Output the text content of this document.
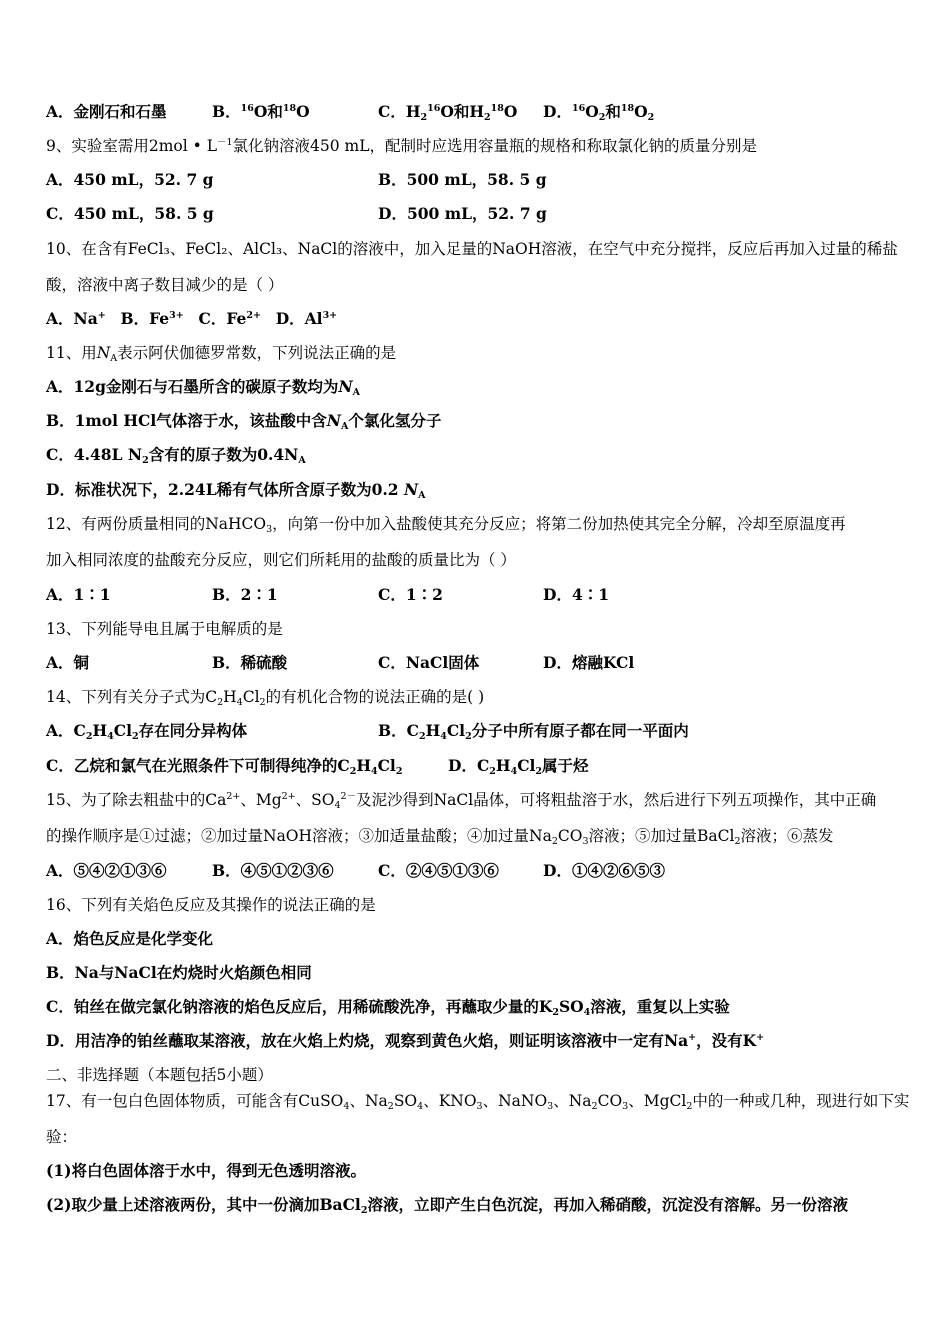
A．金刚石和石墨	B．$^{16}$O和$^{18}$O	C．$H_2^{16}O$和$H_2^{18}O$ D．$^{16}O_2$和$^{18}O_2$
9、实验室需用2mol • $L^{-1}$氯化钠溶液450 mL，配制时应选用容量瓶的规格和称取氯化钠的质量分别是
A．450 mL，52. 7 g	B．500 mL，58. 5 g
C．450 mL，58. 5 g	D．500 mL，52. 7 g
10、在含有FeCl₃、FeCl₂、AlCl₃、NaCl的溶液中，加入足量的NaOH溶液，在空气中充分搅拌，反应后再加入过量的稀盐
酸，溶液中离子数目减少的是（ ）
A．Na+ B．$Fe^{3+}$ C．$Fe^{2+}$ D．$Al^{3+}$
11、用$N_A$表示阿伏伽德罗常数，下列说法正确的是
A．12g金刚石与石墨所含的碳原子数均为$N_A$
B．1mol HCl气体溶于水，该盐酸中含$N_A$个氯化氢分子
C．4.48L $N_2$含有的原子数为$0.4N_A$
D．标准状况下，2.24L稀有气体所含原子数为0.2 $N_A$
12、有两份质量相同的NaHCO$_3$，向第一份中加入盐酸使其充分反应；将第二份加热使其完全分解，冷却至原温度再
加入相同浓度的盐酸充分反应，则它们所耗用的盐酸的质量比为（ ）
A．1∶1	B．2∶1	C．1∶2	D．4∶1
13、下列能导电且属于电解质的是
A．铜	B．稀硫酸	C．NaCl固体	D．熔融KCl
14、下列有关分子式为$C_2H_4Cl_2$的有机化合物的说法正确的是( )
A．$C_2H_4Cl_2$存在同分异构体	B．$C_2H_4Cl_2$分子中所有原子都在同一平面内
C．乙烷和氯气在光照条件下可制得纯净的$C_2H_4Cl_2$	D．$C_2H_4Cl_2$属于烃
15、为了除去粗盐中的$Ca^{2+}$、$Mg^{2+}$、$SO_4^{2-}$及泥沙得到NaCl晶体，可将粗盐溶于水，然后进行下列五项操作，其中正确
的操作顺序是①过滤；②加过量NaOH溶液；③加适量盐酸；④加过量$Na_2CO_3$溶液；⑤加过量BaCl$_2$溶液；⑥蒸发
A．⑤④②①③⑥	B．④⑤①②③⑥	C．②④⑤①③⑥	D．①④②⑥⑤③
16、下列有关焰色反应及其操作的说法正确的是
A．焰色反应是化学变化
B．Na与NaCl在灼烧时火焰颜色相同
C．铂丝在做完氯化钠溶液的焰色反应后，用稀硫酸洗净，再蘸取少量的$K_2SO_4$溶液，重复以上实验
D．用洁净的铂丝蘸取某溶液，放在火焰上灼烧，观察到黄色火焰，则证明该溶液中一定有Na+，没有K+
二、非选择题（本题包括5小题）
17、有一包白色固体物质，可能含有CuSO$_4$、$Na_2SO_4$、$KNO_3$、NaNO$_3$、$Na_2CO_3$、MgCl$_2$中的一种或几种，现进行如下实
验：
(1)将白色固体溶于水中，得到无色透明溶液。
(2)取少量上述溶液两份，其中一份滴加BaCl$_2$溶液，立即产生白色沉淀，再加入稀硝酸，沉淀没有溶解。另一份溶液
